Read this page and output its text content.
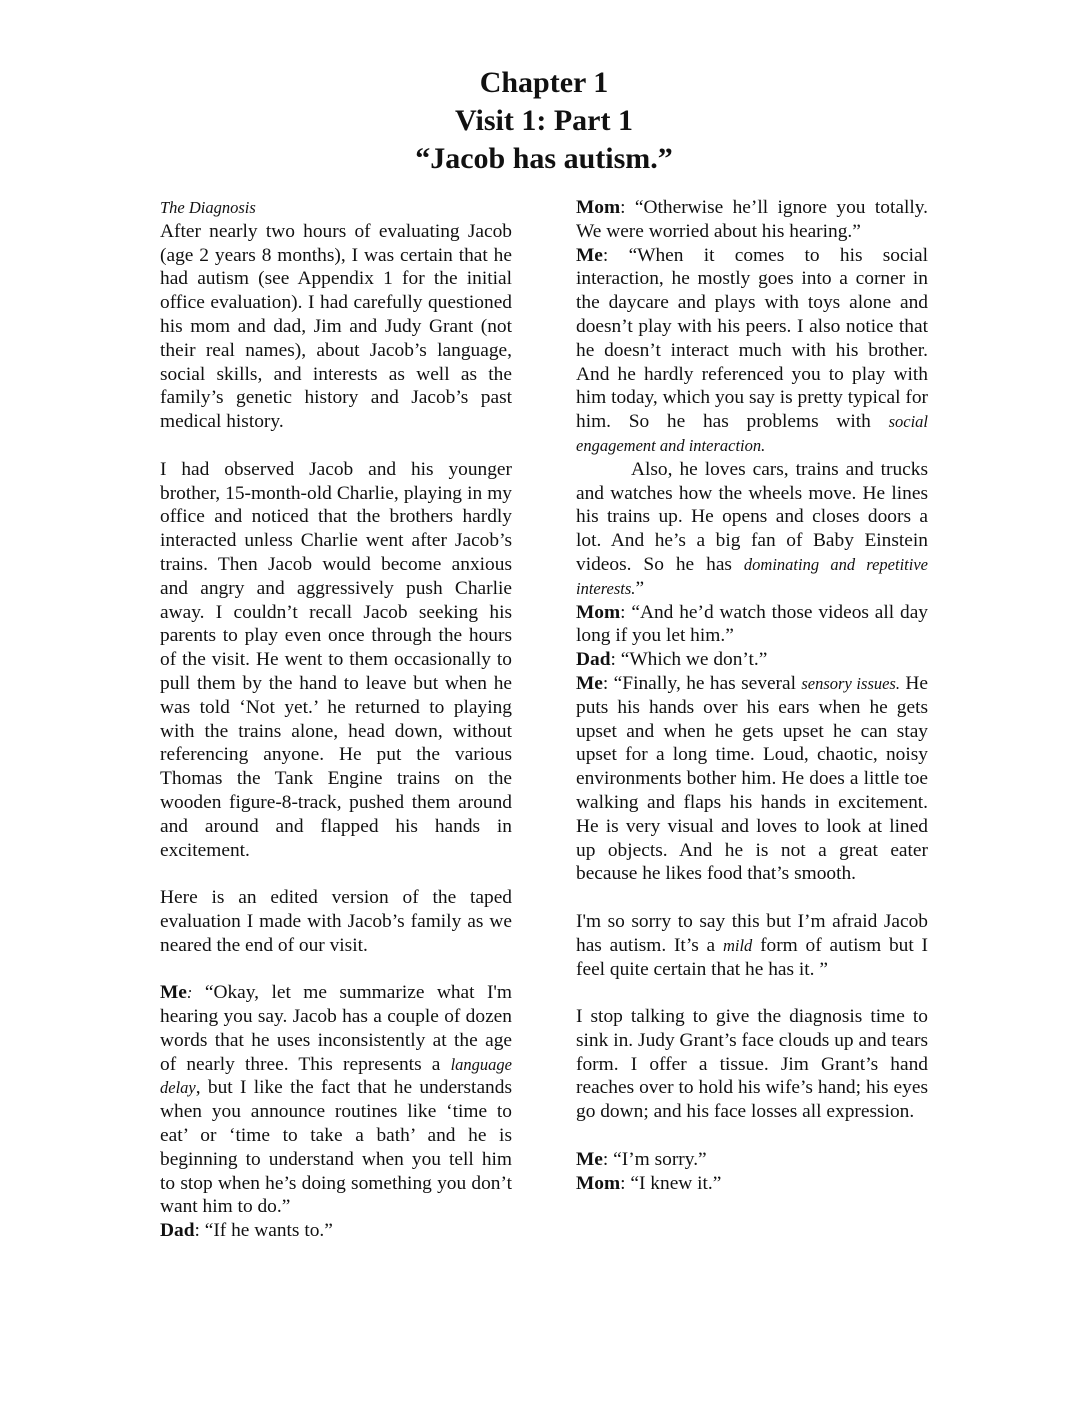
Chapter 1

Visit 1: Part 1

“Jacob has autism.”

The Diagnosis

After nearly two hours of evaluating Jacob (age 2 years 8 months), I was certain that he had autism (see Appendix 1 for the initial office evaluation). I had carefully questioned his mom and dad, Jim and Judy Grant (not their real names), about Jacob’s language, social skills, and interests as well as the family’s genetic history and Jacob’s past medical history.

I had observed Jacob and his younger brother, 15-month-old Charlie, playing in my office and noticed that the brothers hardly interacted unless Charlie went after Jacob’s trains. Then Jacob would become anxious and angry and aggressively push Charlie away. I couldn’t recall Jacob seeking his parents to play even once through the hours of the visit. He went to them occasionally to pull them by the hand to leave but when he was told ‘Not yet.’ he returned to playing with the trains alone, head down, without referencing anyone. He put the various Thomas the Tank Engine trains on the wooden figure-8-track, pushed them around and around and flapped his hands in excitement.

Here is an edited version of the taped evaluation I made with Jacob’s family as we neared the end of our visit.

Me: “Okay, let me summarize what I'm hearing you say. Jacob has a couple of dozen words that he uses inconsistently at the age of nearly three. This represents a language delay, but I like the fact that he understands when you announce routines like ‘time to eat’ or ‘time to take a bath’ and he is beginning to understand when you tell him to stop when he’s doing something you don’t want him to do.”

Dad: “If he wants to.”

Mom: “Otherwise he’ll ignore you totally. We were worried about his hearing.”

Me: “When it comes to his social interaction, he mostly goes into a corner in the daycare and plays with toys alone and doesn’t play with his peers. I also notice that he doesn’t interact much with his brother. And he hardly referenced you to play with him today, which you say is pretty typical for him. So he has problems with social engagement and interaction.

Also, he loves cars, trains and trucks and watches how the wheels move. He lines his trains up. He opens and closes doors a lot. And he’s a big fan of Baby Einstein videos. So he has dominating and repetitive interests.”

Mom: “And he’d watch those videos all day long if you let him.”

Dad: “Which we don’t.”

Me: “Finally, he has several sensory issues. He puts his hands over his ears when he gets upset and when he gets upset he can stay upset for a long time. Loud, chaotic, noisy environments bother him. He does a little toe walking and flaps his hands in excitement. He is very visual and loves to look at lined up objects. And he is not a great eater because he likes food that’s smooth.

I'm so sorry to say this but I’m afraid Jacob has autism. It’s a mild form of autism but I feel quite certain that he has it. ”

I stop talking to give the diagnosis time to sink in. Judy Grant’s face clouds up and tears form. I offer a tissue. Jim Grant’s hand reaches over to hold his wife’s hand; his eyes go down; and his face losses all expression.

Me: “I’m sorry.”

Mom: “I knew it.”
